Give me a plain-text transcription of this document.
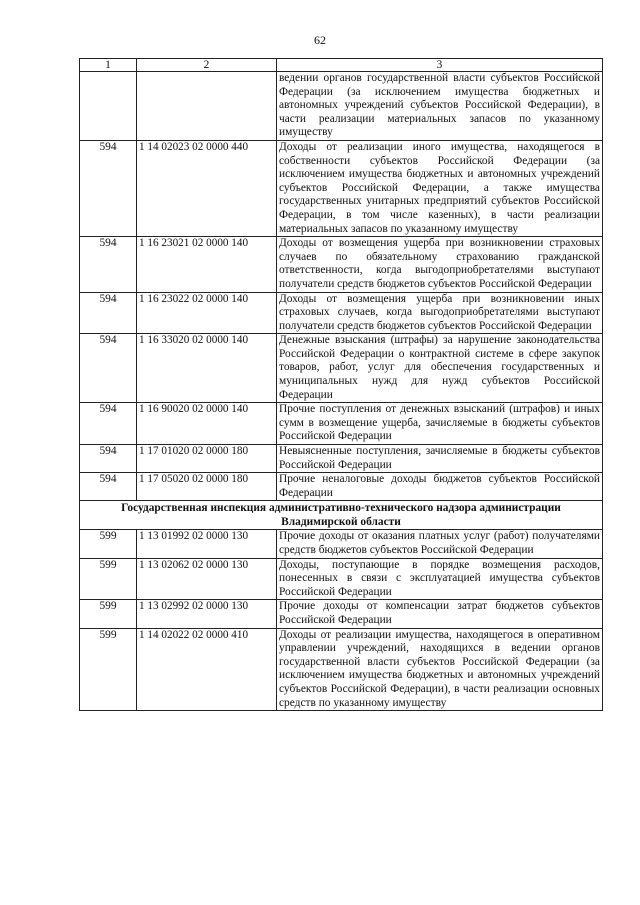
62
1	2	3
		ведении органов государственной власти субъектов Российской Федерации (за исключением имущества бюджетных и автономных учреждений субъектов Российской Федерации), в части реализации материальных запасов по указанному имуществу
594	1 14 02023 02 0000 440	Доходы от реализации иного имущества, находящегося в собственности субъектов Российской Федерации (за исключением имущества бюджетных и автономных учреждений субъектов Российской Федерации, а также имущества государственных унитарных предприятий субъектов Российской Федерации, в том числе казенных), в части реализации материальных запасов по указанному имуществу
594	1 16 23021 02 0000 140	Доходы от возмещения ущерба при возникновении страховых случаев по обязательному страхованию гражданской ответственности, когда выгодоприобретателями выступают получатели средств бюджетов субъектов Российской Федерации
594	1 16 23022 02 0000 140	Доходы от возмещения ущерба при возникновении иных страховых случаев, когда выгодоприобретателями выступают получатели средств бюджетов субъектов Российской Федерации
594	1 16 33020 02 0000 140	Денежные взыскания (штрафы) за нарушение законодательства Российской Федерации о контрактной системе в сфере закупок товаров, работ, услуг для обеспечения государственных и муниципальных нужд для нужд субъектов Российской Федерации
594	1 16 90020 02 0000 140	Прочие поступления от денежных взысканий (штрафов) и иных сумм в возмещение ущерба, зачисляемые в бюджеты субъектов Российской Федерации
594	1 17 01020 02 0000 180	Невыясненные поступления, зачисляемые в бюджеты субъектов Российской Федерации
594	1 17 05020 02 0000 180	Прочие неналоговые доходы бюджетов субъектов Российской Федерации
Государственная инспекция административно-технического надзора администрации Владимирской области		
599	1 13 01992 02 0000 130	Прочие доходы от оказания платных услуг (работ) получателями средств бюджетов субъектов Российской Федерации
599	1 13 02062 02 0000 130	Доходы, поступающие в порядке возмещения расходов, понесенных в связи с эксплуатацией имущества субъектов Российской Федерации
599	1 13 02992 02 0000 130	Прочие доходы от компенсации затрат бюджетов субъектов Российской Федерации
599	1 14 02022 02 0000 410	Доходы от реализации имущества, находящегося в оперативном управлении учреждений, находящихся в ведении органов государственной власти субъектов Российской Федерации (за исключением имущества бюджетных и автономных учреждений субъектов Российской Федерации), в части реализации основных средств по указанному имуществу
